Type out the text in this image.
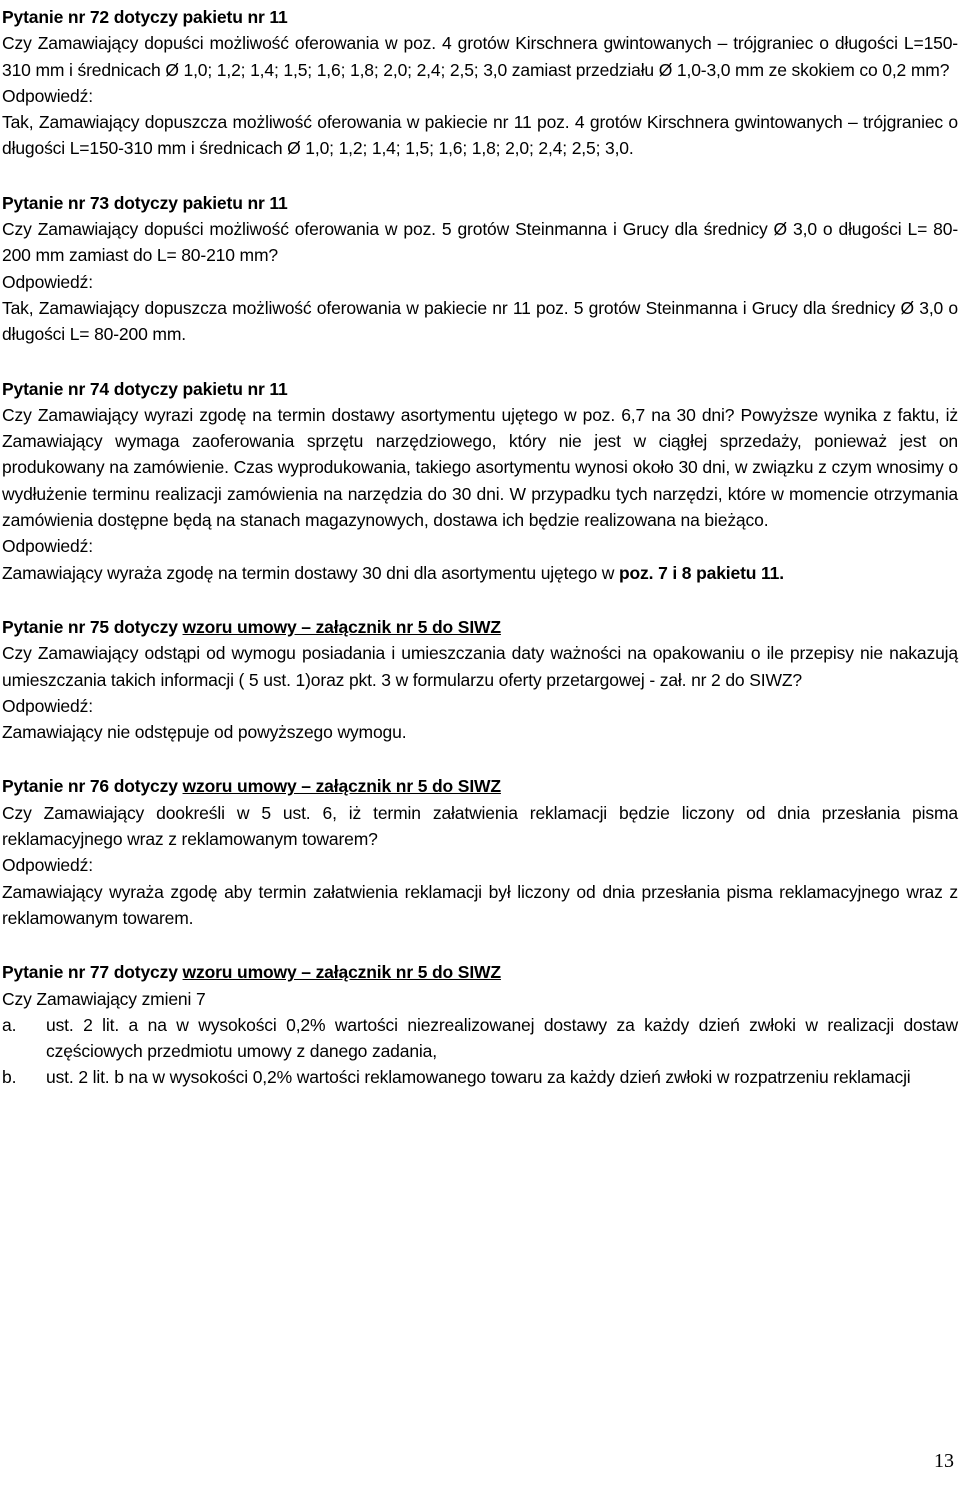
Pytanie nr 72 dotyczy pakietu nr 11
Czy Zamawiający dopuści możliwość oferowania w poz. 4 grotów Kirschnera gwintowanych – trójgraniec o długości L=150-310 mm i średnicach Ø 1,0; 1,2; 1,4; 1,5; 1,6; 1,8; 2,0; 2,4; 2,5; 3,0 zamiast przedziału Ø 1,0-3,0 mm ze skokiem co 0,2 mm?
Odpowiedź:
Tak, Zamawiający dopuszcza możliwość oferowania w pakiecie nr 11 poz. 4 grotów Kirschnera gwintowanych – trójgraniec o długości L=150-310 mm i średnicach Ø 1,0; 1,2; 1,4; 1,5; 1,6; 1,8; 2,0; 2,4; 2,5; 3,0.
Pytanie nr 73 dotyczy pakietu nr 11
Czy Zamawiający dopuści możliwość oferowania w poz. 5 grotów Steinmanna i Grucy dla średnicy Ø 3,0 o długości L= 80-200 mm zamiast do L= 80-210 mm?
Odpowiedź:
Tak, Zamawiający dopuszcza możliwość oferowania w pakiecie nr 11 poz. 5 grotów Steinmanna i Grucy dla średnicy Ø 3,0 o długości L= 80-200 mm.
Pytanie nr 74 dotyczy pakietu nr 11
Czy Zamawiający wyrazi zgodę na termin dostawy asortymentu ujętego w poz. 6,7 na 30 dni? Powyższe wynika z faktu, iż Zamawiający wymaga zaoferowania sprzętu narzędziowego, który nie jest w ciągłej sprzedaży, ponieważ jest on produkowany na zamówienie. Czas wyprodukowania, takiego asortymentu wynosi około 30 dni, w związku z czym wnosimy o wydłużenie terminu realizacji zamówienia na narzędzia do 30 dni. W przypadku tych narzędzi, które w momencie otrzymania zamówienia dostępne będą na stanach magazynowych, dostawa ich będzie realizowana na bieżąco.
Odpowiedź:
Zamawiający wyraża zgodę na termin dostawy 30 dni dla asortymentu ujętego w poz. 7 i 8 pakietu 11.
Pytanie nr 75 dotyczy wzoru umowy – załącznik nr 5 do SIWZ
Czy Zamawiający odstąpi od wymogu posiadania i umieszczania daty ważności na opakowaniu o ile przepisy nie nakazują umieszczania takich informacji ( 5 ust. 1)oraz pkt. 3 w formularzu oferty przetargowej - zał. nr 2 do SIWZ?
Odpowiedź:
Zamawiający nie odstępuje od powyższego wymogu.
Pytanie nr 76 dotyczy wzoru umowy – załącznik nr 5 do SIWZ
Czy Zamawiający dookreśli w 5 ust. 6, iż termin załatwienia reklamacji będzie liczony od dnia przesłania pisma reklamacyjnego wraz z reklamowanym towarem?
Odpowiedź:
Zamawiający wyraża zgodę aby termin załatwienia reklamacji był liczony od dnia przesłania pisma reklamacyjnego wraz z reklamowanym towarem.
Pytanie nr 77 dotyczy wzoru umowy – załącznik nr 5 do SIWZ
Czy Zamawiający zmieni 7
a.	ust. 2 lit. a na w wysokości 0,2% wartości niezrealizowanej dostawy za każdy dzień zwłoki w realizacji dostaw częściowych przedmiotu umowy z danego zadania,
b.	ust. 2 lit. b na w wysokości 0,2% wartości reklamowanego towaru za każdy dzień zwłoki w rozpatrzeniu reklamacji
13
